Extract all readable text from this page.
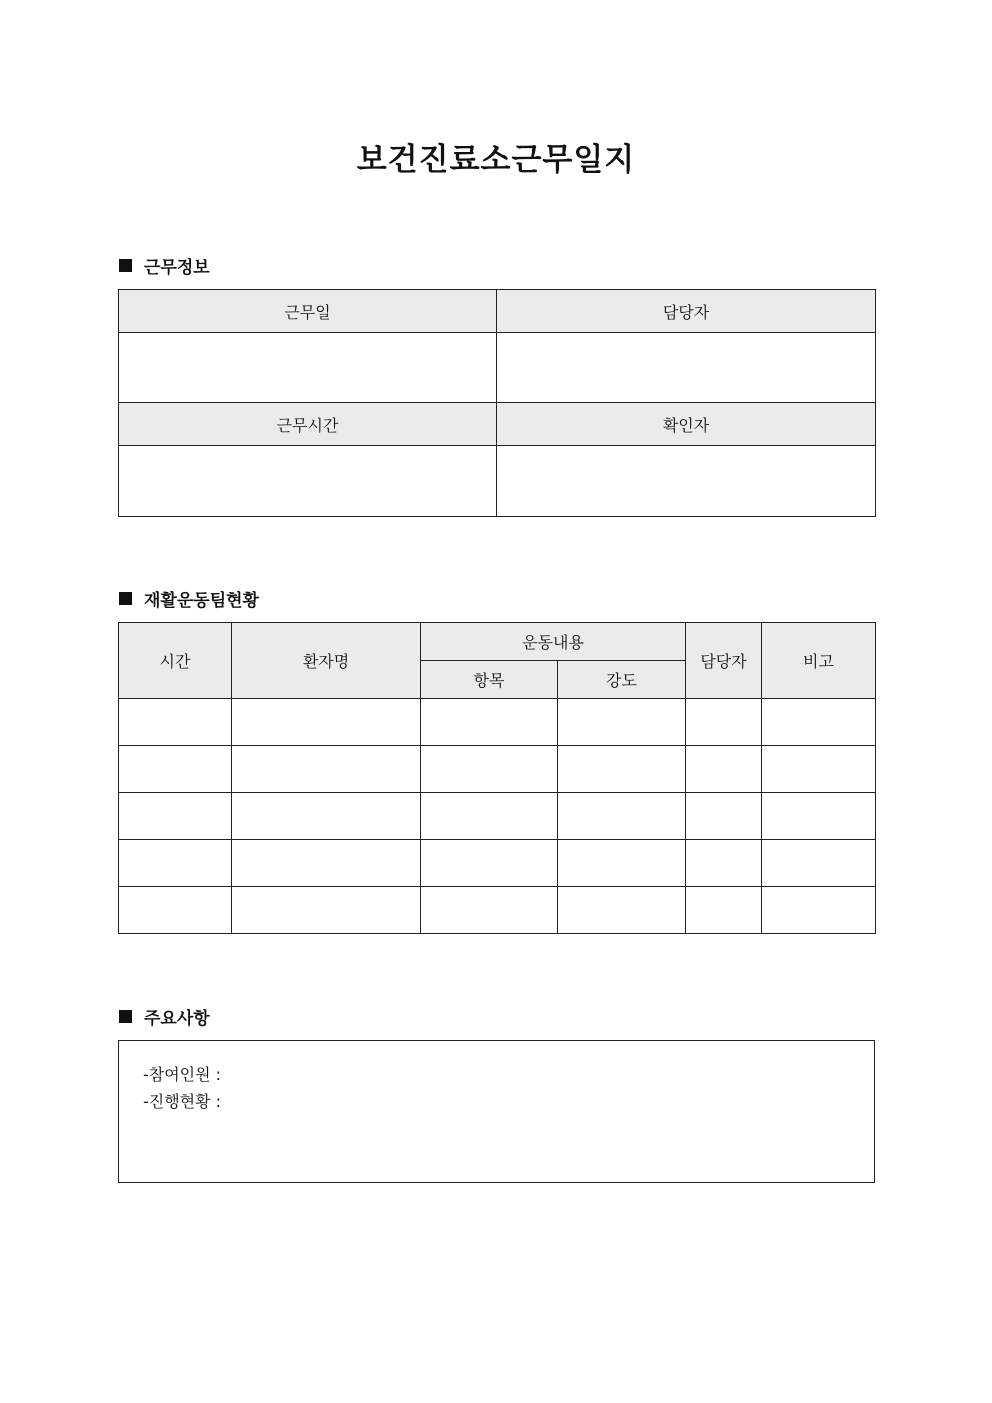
보건진료소근무일지
근무정보
근무일	담당자

근무시간	확인자

재활운동팀현황
시간	환자명	운동내용		담당자	비고
		항목	강도		

주요사항
-참여인원 :
-진행현황 :
